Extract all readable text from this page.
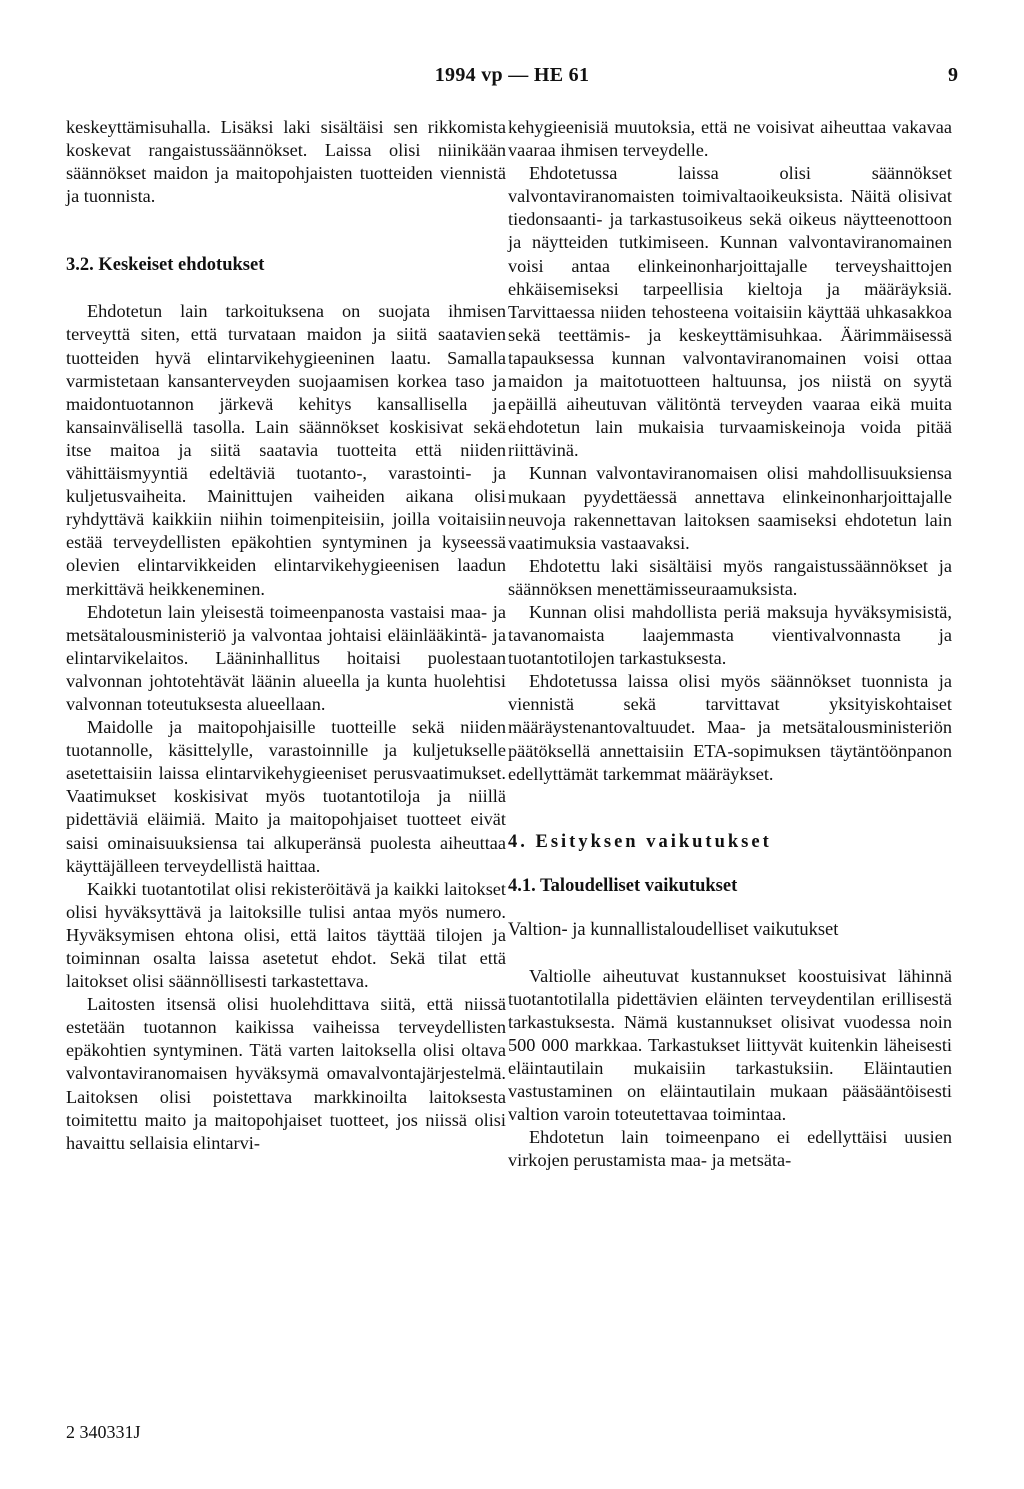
1994 vp — HE 61	9

keskeyttämisuhalla. Lisäksi laki sisältäisi sen rikkomista koskevat rangaistussäännökset. Laissa olisi niinikään säännökset maidon ja maitopohjaisten tuotteiden viennistä ja tuonnista.

3.2. Keskeiset ehdotukset

Ehdotetun lain tarkoituksena on suojata ihmisen terveyttä siten, että turvataan maidon ja siitä saatavien tuotteiden hyvä elintarvikehygieeninen laatu. Samalla varmistetaan kansanterveyden suojaamisen korkea taso ja maidontuotannon järkevä kehitys kansallisella ja kansainvälisellä tasolla. Lain säännökset koskisivat sekä itse maitoa ja siitä saatavia tuotteita että niiden vähittäismyyntiä edeltäviä tuotanto-, varastointi- ja kuljetusvaiheita. Mainittujen vaiheiden aikana olisi ryhdyttävä kaikkiin niihin toimenpiteisiin, joilla voitaisiin estää terveydellisten epäkohtien syntyminen ja kyseessä olevien elintarvikkeiden elintarvikehygieenisen laadun merkittävä heikkeneminen.

Ehdotetun lain yleisestä toimeenpanosta vastaisi maa- ja metsätalousministeriö ja valvontaa johtaisi eläinlääkintä- ja elintarvikelaitos. Lääninhallitus hoitaisi puolestaan valvonnan johtotehtävät läänin alueella ja kunta huolehtisi valvonnan toteutuksesta alueellaan.

Maidolle ja maitopohjaisille tuotteille sekä niiden tuotannolle, käsittelylle, varastoinnille ja kuljetukselle asetettaisiin laissa elintarvikehygieeniset perusvaatimukset. Vaatimukset koskisivat myös tuotantotiloja ja niillä pidettäviä eläimiä. Maito ja maitopohjaiset tuotteet eivät saisi ominaisuuksiensa tai alkuperänsä puolesta aiheuttaa käyttäjälleen terveydellistä haittaa.

Kaikki tuotantotilat olisi rekisteröitävä ja kaikki laitokset olisi hyväksyttävä ja laitoksille tulisi antaa myös numero. Hyväksymisen ehtona olisi, että laitos täyttää tilojen ja toiminnan osalta laissa asetetut ehdot. Sekä tilat että laitokset olisi säännöllisesti tarkastettava.

Laitosten itsensä olisi huolehdittava siitä, että niissä estetään tuotannon kaikissa vaiheissa terveydellisten epäkohtien syntyminen. Tätä varten laitoksella olisi oltava valvontaviranomaisen hyväksymä omavalvontajärjestelmä. Laitoksen olisi poistettava markkinoilta laitoksesta toimitettu maito ja maitopohjaiset tuotteet, jos niissä olisi havaittu sellaisia elintarvi-

kehygieenisiä muutoksia, että ne voisivat aiheuttaa vakavaa vaaraa ihmisen terveydelle.

Ehdotetussa laissa olisi säännökset valvontaviranomaisten toimivaltaoikeuksista. Näitä olisivat tiedonsaanti- ja tarkastusoikeus sekä oikeus näytteenottoon ja näytteiden tutkimiseen. Kunnan valvontaviranomainen voisi antaa elinkeinonharjoittajalle terveyshaittojen ehkäisemiseksi tarpeellisia kieltoja ja määräyksiä. Tarvittaessa niiden tehosteena voitaisiin käyttää uhkasakkoa sekä teettämis- ja keskeyttämisuhkaa. Äärimmäisessä tapauksessa kunnan valvontaviranomainen voisi ottaa maidon ja maitotuotteen haltuunsa, jos niistä on syytä epäillä aiheutuvan välitöntä terveyden vaaraa eikä muita ehdotetun lain mukaisia turvaamiskeinoja voida pitää riittävinä.

Kunnan valvontaviranomaisen olisi mahdollisuuksiensa mukaan pyydettäessä annettava elinkeinonharjoittajalle neuvoja rakennettavan laitoksen saamiseksi ehdotetun lain vaatimuksia vastaavaksi.

Ehdotettu laki sisältäisi myös rangaistussäännökset ja säännöksen menettämisseuraamuksista.

Kunnan olisi mahdollista periä maksuja hyväksymisistä, tavanomaista laajemmasta vientivalvonnasta ja tuotantotilojen tarkastuksesta.

Ehdotetussa laissa olisi myös säännökset tuonnista ja viennistä sekä tarvittavat yksityiskohtaiset määräystenantovaltuudet. Maa- ja metsätalousministeriön päätöksellä annettaisiin ETA-sopimuksen täytäntöönpanon edellyttämät tarkemmat määräykset.

4. Esityksen vaikutukset
4.1. Taloudelliset vaikutukset
Valtion- ja kunnallistaloudelliset vaikutukset

Valtiolle aiheutuvat kustannukset koostuisivat lähinnä tuotantotilalla pidettävien eläinten terveydentilan erillisestä tarkastuksesta. Nämä kustannukset olisivat vuodessa noin 500 000 markkaa. Tarkastukset liittyvät kuitenkin läheisesti eläintautilain mukaisiin tarkastuksiin. Eläintautien vastustaminen on eläintautilain mukaan pääsääntöisesti valtion varoin toteutettavaa toimintaa.

Ehdotetun lain toimeenpano ei edellyttäisi uusien virkojen perustamista maa- ja metsäta-

2 340331J
